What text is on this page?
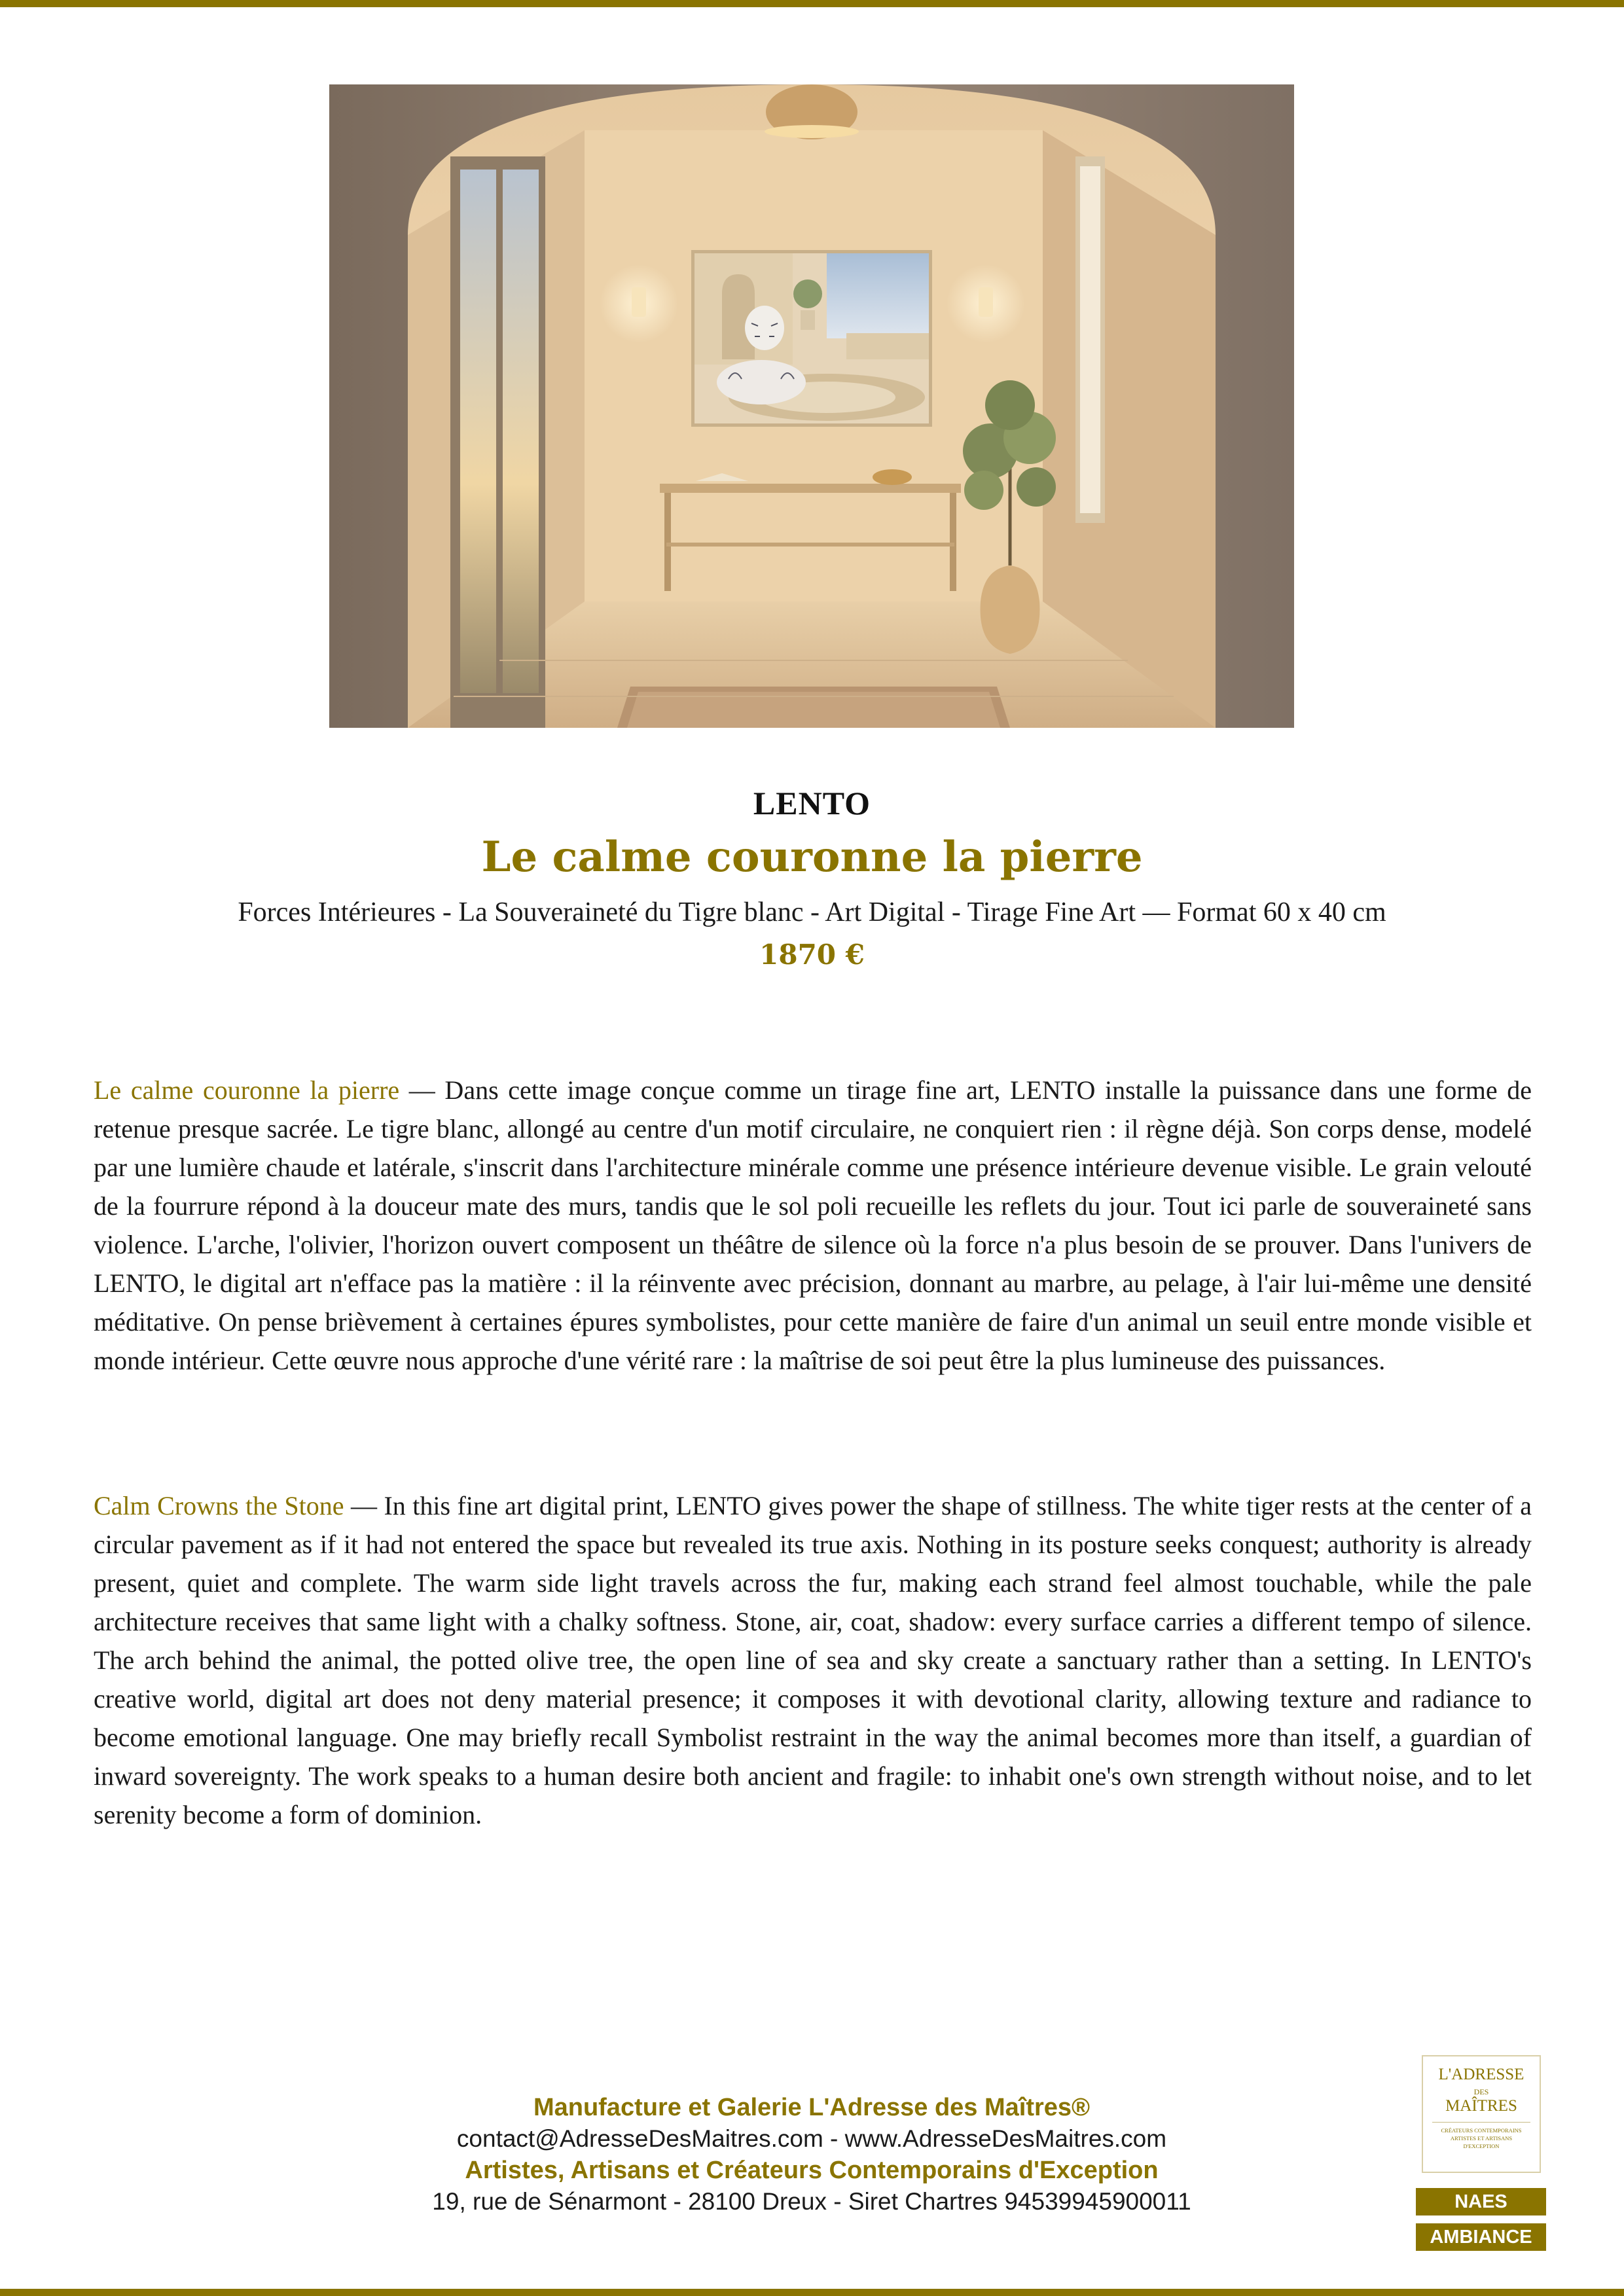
LENTO
Le calme couronne la pierre
Forces Intérieures - La Souveraineté du Tigre blanc - Art Digital - Tirage Fine Art — Format 60 x 40 cm
1870 €

Le calme couronne la pierre — Dans cette image conçue comme un tirage fine art, LENTO installe la puissance dans une forme de retenue presque sacrée. Le tigre blanc, allongé au centre d'un motif circulaire, ne conquiert rien : il règne déjà. Son corps dense, modelé par une lumière chaude et latérale, s'inscrit dans l'architecture minérale comme une présence intérieure devenue visible. Le grain velouté de la fourrure répond à la douceur mate des murs, tandis que le sol poli recueille les reflets du jour. Tout ici parle de souveraineté sans violence. L'arche, l'olivier, l'horizon ouvert composent un théâtre de silence où la force n'a plus besoin de se prouver. Dans l'univers de LENTO, le digital art n'efface pas la matière : il la réinvente avec précision, donnant au marbre, au pelage, à l'air lui-même une densité méditative. On pense brièvement à certaines épures symbolistes, pour cette manière de faire d'un animal un seuil entre monde visible et monde intérieur. Cette œuvre nous approche d'une vérité rare : la maîtrise de soi peut être la plus lumineuse des puissances.

Calm Crowns the Stone — In this fine art digital print, LENTO gives power the shape of stillness. The white tiger rests at the center of a circular pavement as if it had not entered the space but revealed its true axis. Nothing in its posture seeks conquest; authority is already present, quiet and complete. The warm side light travels across the fur, making each strand feel almost touchable, while the pale architecture receives that same light with a chalky softness. Stone, air, coat, shadow: every surface carries a different tempo of silence. The arch behind the animal, the potted olive tree, the open line of sea and sky create a sanctuary rather than a setting. In LENTO's creative world, digital art does not deny material presence; it composes it with devotional clarity, allowing texture and radiance to become emotional language. One may briefly recall Symbolist restraint in the way the animal becomes more than itself, a guardian of inward sovereignty. The work speaks to a human desire both ancient and fragile: to inhabit one's own strength without noise, and to let serenity become a form of dominion.

Manufacture et Galerie L'Adresse des Maîtres®
contact@AdresseDesMaitres.com - www.AdresseDesMaitres.com
Artistes, Artisans et Créateurs Contemporains d'Exception
19, rue de Sénarmont - 28100 Dreux - Siret Chartres 94539945900011
L'ADRESSE
DES
MAÎTRES
CRÉATEURS CONTEMPORAINS
ARTISTES ET ARTISANS
D'EXCEPTION
NAES
AMBIANCE
